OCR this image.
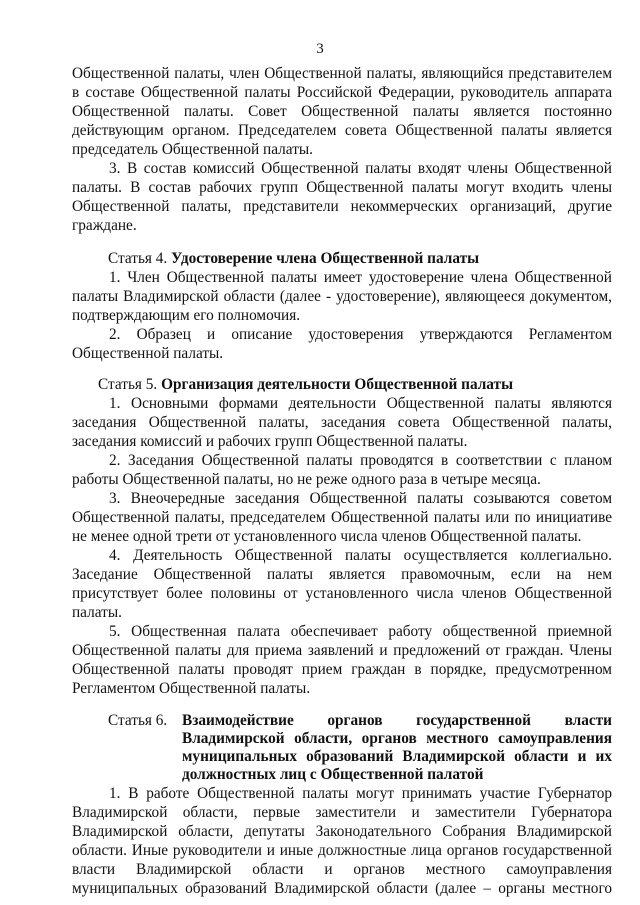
3
Общественной палаты, член Общественной палаты, являющийся представителем
в составе Общественной палаты Российской Федерации, руководитель аппарата
Общественной палаты. Совет Общественной палаты является постоянно
действующим органом. Председателем совета Общественной палаты является
председатель Общественной палаты.
3. В состав комиссий Общественной палаты входят члены Общественной
палаты. В состав рабочих групп Общественной палаты могут входить члены
Общественной палаты, представители некоммерческих организаций, другие
граждане.
Статья 4. Удостоверение члена Общественной палаты
1. Член Общественной палаты имеет удостоверение члена Общественной
палаты Владимирской области (далее - удостоверение), являющееся документом,
подтверждающим его полномочия.
2. Образец и описание удостоверения утверждаются Регламентом
Общественной палаты.
Статья 5. Организация деятельности Общественной палаты
1. Основными формами деятельности Общественной палаты являются
заседания Общественной палаты, заседания совета Общественной палаты,
заседания комиссий и рабочих групп Общественной палаты.
2. Заседания Общественной палаты проводятся в соответствии с планом
работы Общественной палаты, но не реже одного раза в четыре месяца.
3. Внеочередные заседания Общественной палаты созываются советом
Общественной палаты, председателем Общественной палаты или по инициативе
не менее одной трети от установленного числа членов Общественной палаты.
4. Деятельность Общественной палаты осуществляется коллегиально.
Заседание Общественной палаты является правомочным, если на нем
присутствует более половины от установленного числа членов Общественной
палаты.
5. Общественная палата обеспечивает работу общественной приемной
Общественной палаты для приема заявлений и предложений от граждан. Члены
Общественной палаты проводят прием граждан в порядке, предусмотренном
Регламентом Общественной палаты.
Статья 6. Взаимодействие органов государственной власти
Владимирской области, органов местного самоуправления
муниципальных образований Владимирской области и их
должностных лиц с Общественной палатой
1. В работе Общественной палаты могут принимать участие Губернатор
Владимирской области, первые заместители и заместители Губернатора
Владимирской области, депутаты Законодательного Собрания Владимирской
области. Иные руководители и иные должностные лица органов государственной
власти Владимирской области и органов местного самоуправления
муниципальных образований Владимирской области (далее – органы местного
